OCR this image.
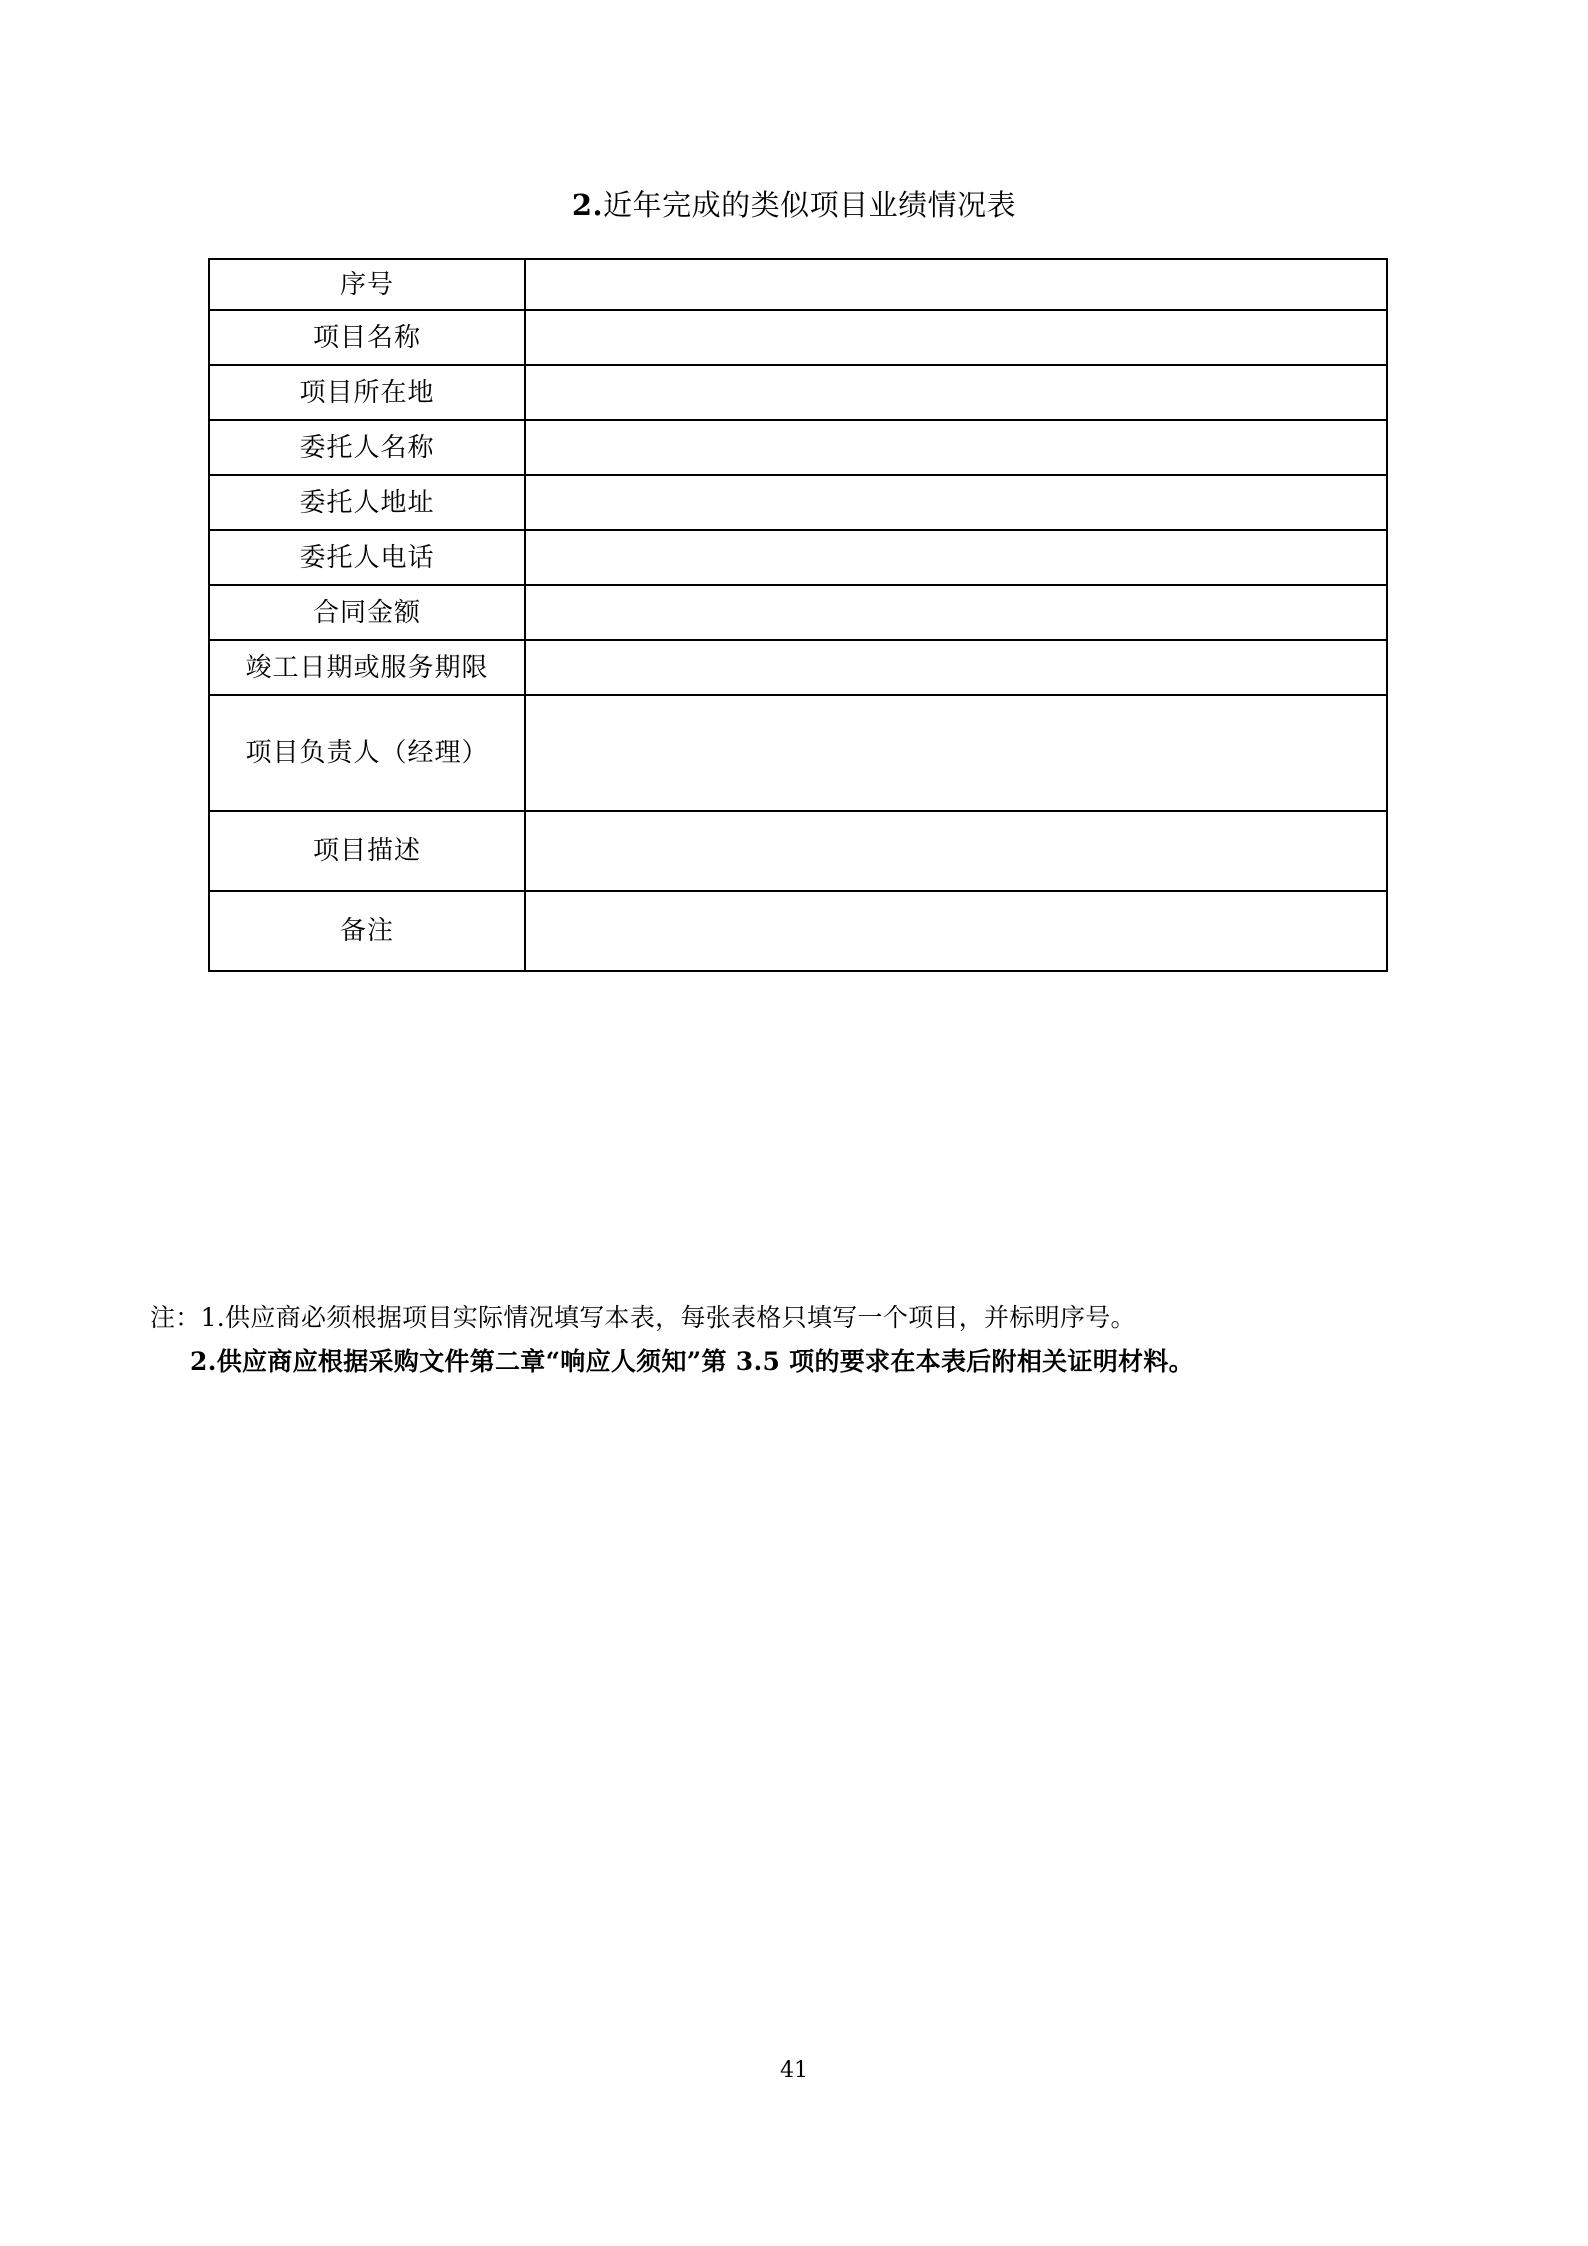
2.近年完成的类似项目业绩情况表
序号	
项目名称	
项目所在地	
委托人名称	
委托人地址	
委托人电话	
合同金额	
竣工日期或服务期限	
项目负责人（经理）	
项目描述	
备注	
注：1.供应商必须根据项目实际情况填写本表，每张表格只填写一个项目，并标明序号。
2.供应商应根据采购文件第二章“响应人须知”第 3.5 项的要求在本表后附相关证明材料。
41
